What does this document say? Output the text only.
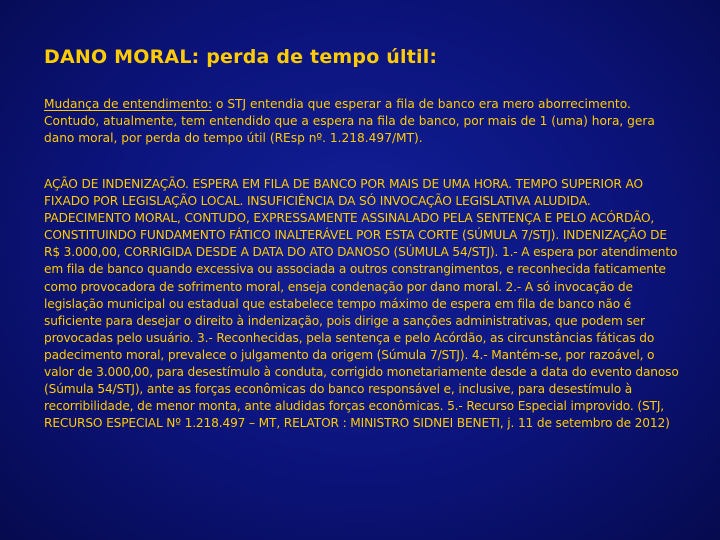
DANO MORAL: perda de tempo últil:
Mudança de entendimento: o STJ entendia que esperar a fila de banco era mero aborrecimento. Contudo, atualmente, tem entendido que a espera na fila de banco, por mais de 1 (uma) hora, gera dano moral, por perda do tempo útil (REsp nº. 1.218.497/MT).
AÇÃO DE INDENIZAÇÃO. ESPERA EM FILA DE BANCO POR MAIS DE UMA HORA. TEMPO SUPERIOR AO FIXADO POR LEGISLAÇÃO LOCAL. INSUFICIÊNCIA DA SÓ INVOCAÇÃO LEGISLATIVA ALUDIDA. PADECIMENTO MORAL, CONTUDO, EXPRESSAMENTE ASSINALADO PELA SENTENÇA E PELO ACÓRDÃO, CONSTITUINDO FUNDAMENTO FÁTICO INALTERÁVEL POR ESTA CORTE (SÚMULA 7/STJ). INDENIZAÇÃO DE R$ 3.000,00, CORRIGIDA DESDE A DATA DO ATO DANOSO (SÚMULA 54/STJ). 1.- A espera por atendimento em fila de banco quando excessiva ou associada a outros constrangimentos, e reconhecida faticamente como provocadora de sofrimento moral, enseja condenação por dano moral. 2.- A só invocação de legislação municipal ou estadual que estabelece tempo máximo de espera em fila de banco não é suficiente para desejar o direito à indenização, pois dirige a sanções administrativas, que podem ser provocadas pelo usuário. 3.- Reconhecidas, pela sentença e pelo Acórdão, as circunstâncias fáticas do padecimento moral, prevalece o julgamento da origem (Súmula 7/STJ). 4.- Mantém-se, por razoável, o valor de 3.000,00, para desestímulo à conduta, corrigido monetariamente desde a data do evento danoso (Súmula 54/STJ), ante as forças econômicas do banco responsável e, inclusive, para desestímulo à recorribilidade, de menor monta, ante aludidas forças econômicas. 5.- Recurso Especial improvido. (STJ, RECURSO ESPECIAL Nº 1.218.497 – MT, RELATOR : MINISTRO SIDNEI BENETI, j. 11 de setembro de 2012)
